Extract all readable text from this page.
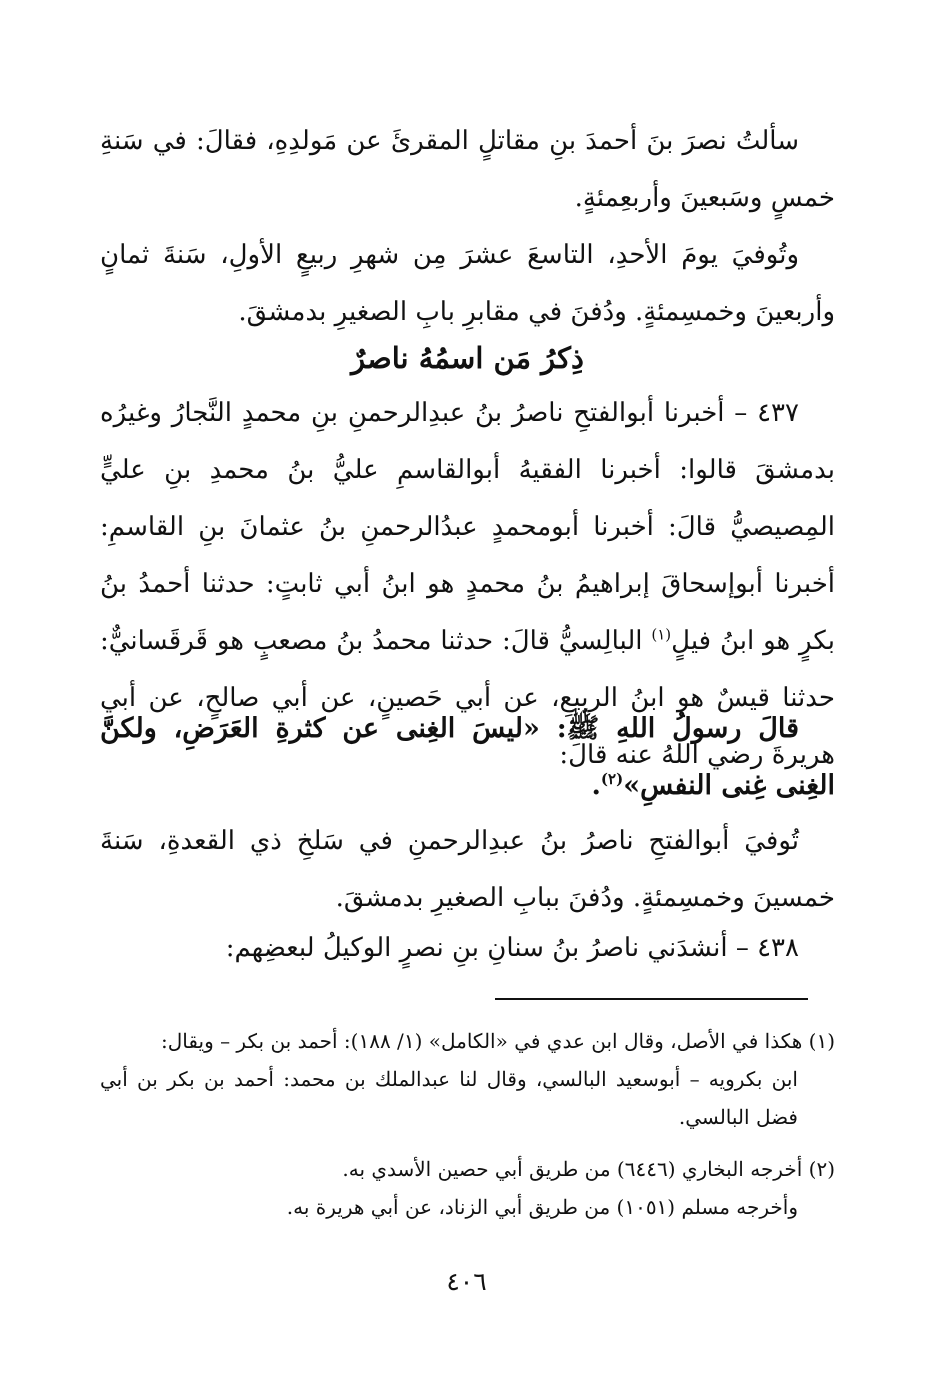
سألتُ نصرَ بنَ أحمدَ بنِ مقاتلٍ المقرئَ عن مَولدِهِ، فقالَ: في سَنةِ خمسٍ وسَبعينَ وأربعِمئةٍ.

وتُوفيَ يومَ الأحدِ، التاسعَ عشرَ مِن شهرِ ربيعٍ الأولِ، سَنةَ ثمانٍ وأربعينَ وخمسِمئةٍ. ودُفنَ في مقابرِ بابِ الصغيرِ بدمشقَ.

ذِكرُ مَن اسمُهُ ناصرٌ

٤٣٧ – أخبرنا أبوالفتحِ ناصرُ بنُ عبدِالرحمنِ بنِ محمدٍ النَّجارُ وغيرُه بدمشقَ قالوا: أخبرنا الفقيهُ أبوالقاسمِ عليُّ بنُ محمدِ بنِ عليٍّ المِصيصيُّ قالَ: أخبرنا أبومحمدٍ عبدُالرحمنِ بنُ عثمانَ بنِ القاسمِ: أخبرنا أبوإسحاقَ إبراهيمُ بنُ محمدٍ هو ابنُ أبي ثابتٍ: حدثنا أحمدُ بنُ بكرٍ هو ابنُ فيلٍ$^{(١)}$ البالِسيُّ قالَ: حدثنا محمدُ بنُ مصعبٍ هو قَرقَسانيٌّ: حدثنا قيسٌ هو ابنُ الربيعِ، عن أبي حَصينٍ، عن أبي صالحٍ، عن أبي هريرةَ رضي اللهُ عنه قالَ:

قالَ رسولُ اللهِ ﷺ: «ليسَ الغِنى عن كثرةِ العَرَضِ، ولكنَّ الغِنى غِنى النفسِ»$^{(٢)}$.

تُوفيَ أبوالفتحِ ناصرُ بنُ عبدِالرحمنِ في سَلخِ ذي القعدةِ، سَنةَ خمسينَ وخمسِمئةٍ. ودُفنَ ببابِ الصغيرِ بدمشقَ.

٤٣٨ – أنشدَني ناصرُ بنُ سنانِ بنِ نصرٍ الوكيلُ لبعضِهم:

(١) هكذا في الأصل، وقال ابن عدي في «الكامل» (١/ ١٨٨): أحمد بن بكر – ويقال:

ابن بكرويه – أبوسعيد البالسي، وقال لنا عبدالملك بن محمد: أحمد بن بكر بن أبي فضل البالسي.

(٢) أخرجه البخاري (٦٤٤٦) من طريق أبي حصين الأسدي به.

وأخرجه مسلم (١٠٥١) من طريق أبي الزناد، عن أبي هريرة به.

٤٠٦
